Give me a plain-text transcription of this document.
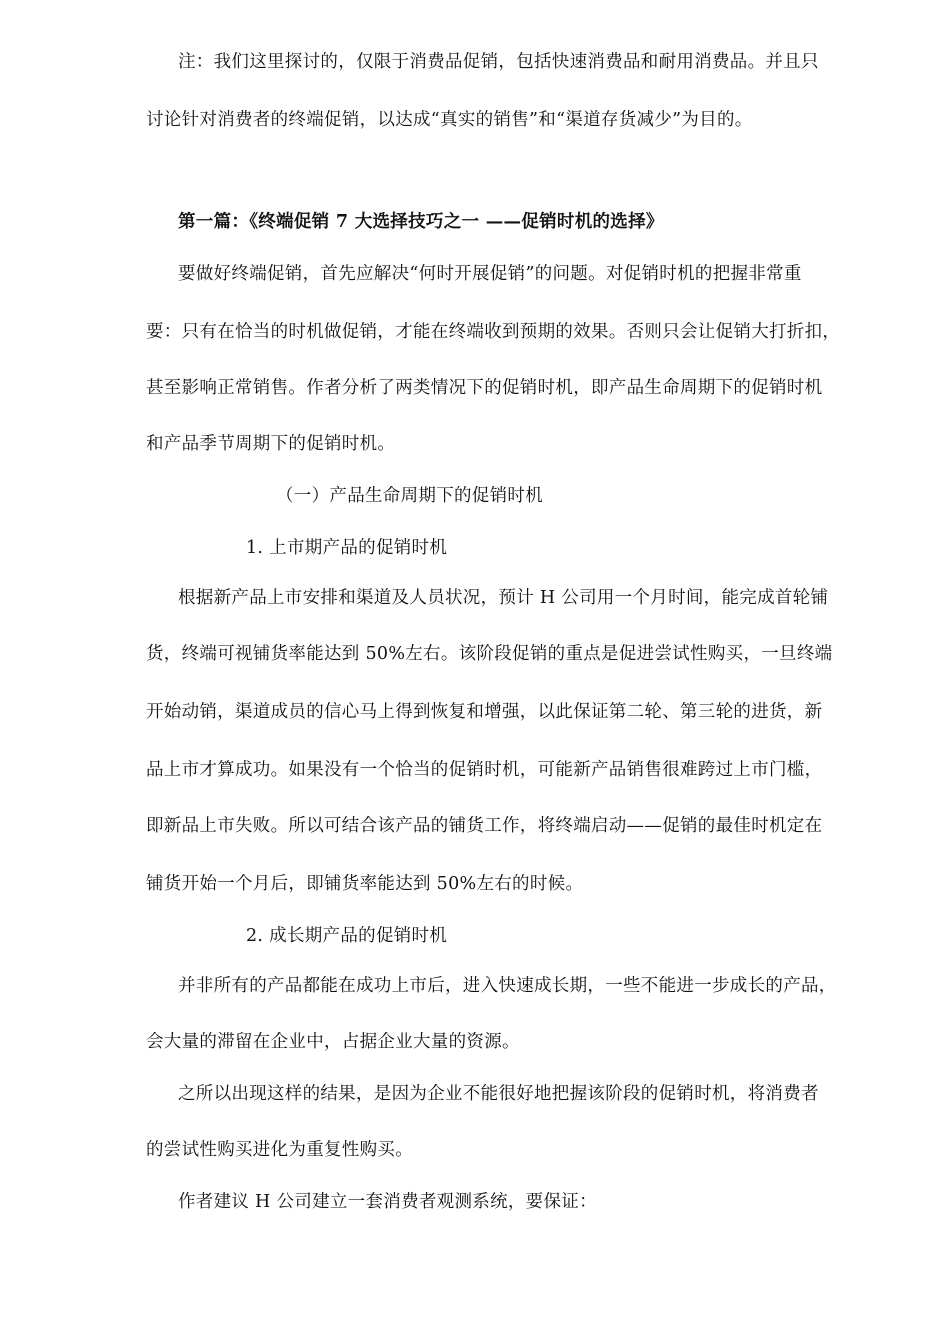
注：我们这里探讨的，仅限于消费品促销，包括快速消费品和耐用消费品。并且只
讨论针对消费者的终端促销，以达成“真实的销售”和“渠道存货减少”为目的。
第一篇：《终端促销 7 大选择技巧之一 ——促销时机的选择》
要做好终端促销，首先应解决“何时开展促销”的问题。对促销时机的把握非常重
要：只有在恰当的时机做促销，才能在终端收到预期的效果。否则只会让促销大打折扣，
甚至影响正常销售。作者分析了两类情况下的促销时机，即产品生命周期下的促销时机
和产品季节周期下的促销时机。
（一）产品生命周期下的促销时机
1. 上市期产品的促销时机
根据新产品上市安排和渠道及人员状况，预计 H 公司用一个月时间，能完成首轮铺
货，终端可视铺货率能达到 50%左右。该阶段促销的重点是促进尝试性购买，一旦终端
开始动销，渠道成员的信心马上得到恢复和增强，以此保证第二轮、第三轮的进货，新
品上市才算成功。如果没有一个恰当的促销时机，可能新产品销售很难跨过上市门槛，
即新品上市失败。所以可结合该产品的铺货工作，将终端启动——促销的最佳时机定在
铺货开始一个月后，即铺货率能达到 50%左右的时候。
2. 成长期产品的促销时机
并非所有的产品都能在成功上市后，进入快速成长期，一些不能进一步成长的产品，
会大量的滞留在企业中，占据企业大量的资源。
之所以出现这样的结果，是因为企业不能很好地把握该阶段的促销时机，将消费者
的尝试性购买进化为重复性购买。
作者建议 H 公司建立一套消费者观测系统，要保证：
